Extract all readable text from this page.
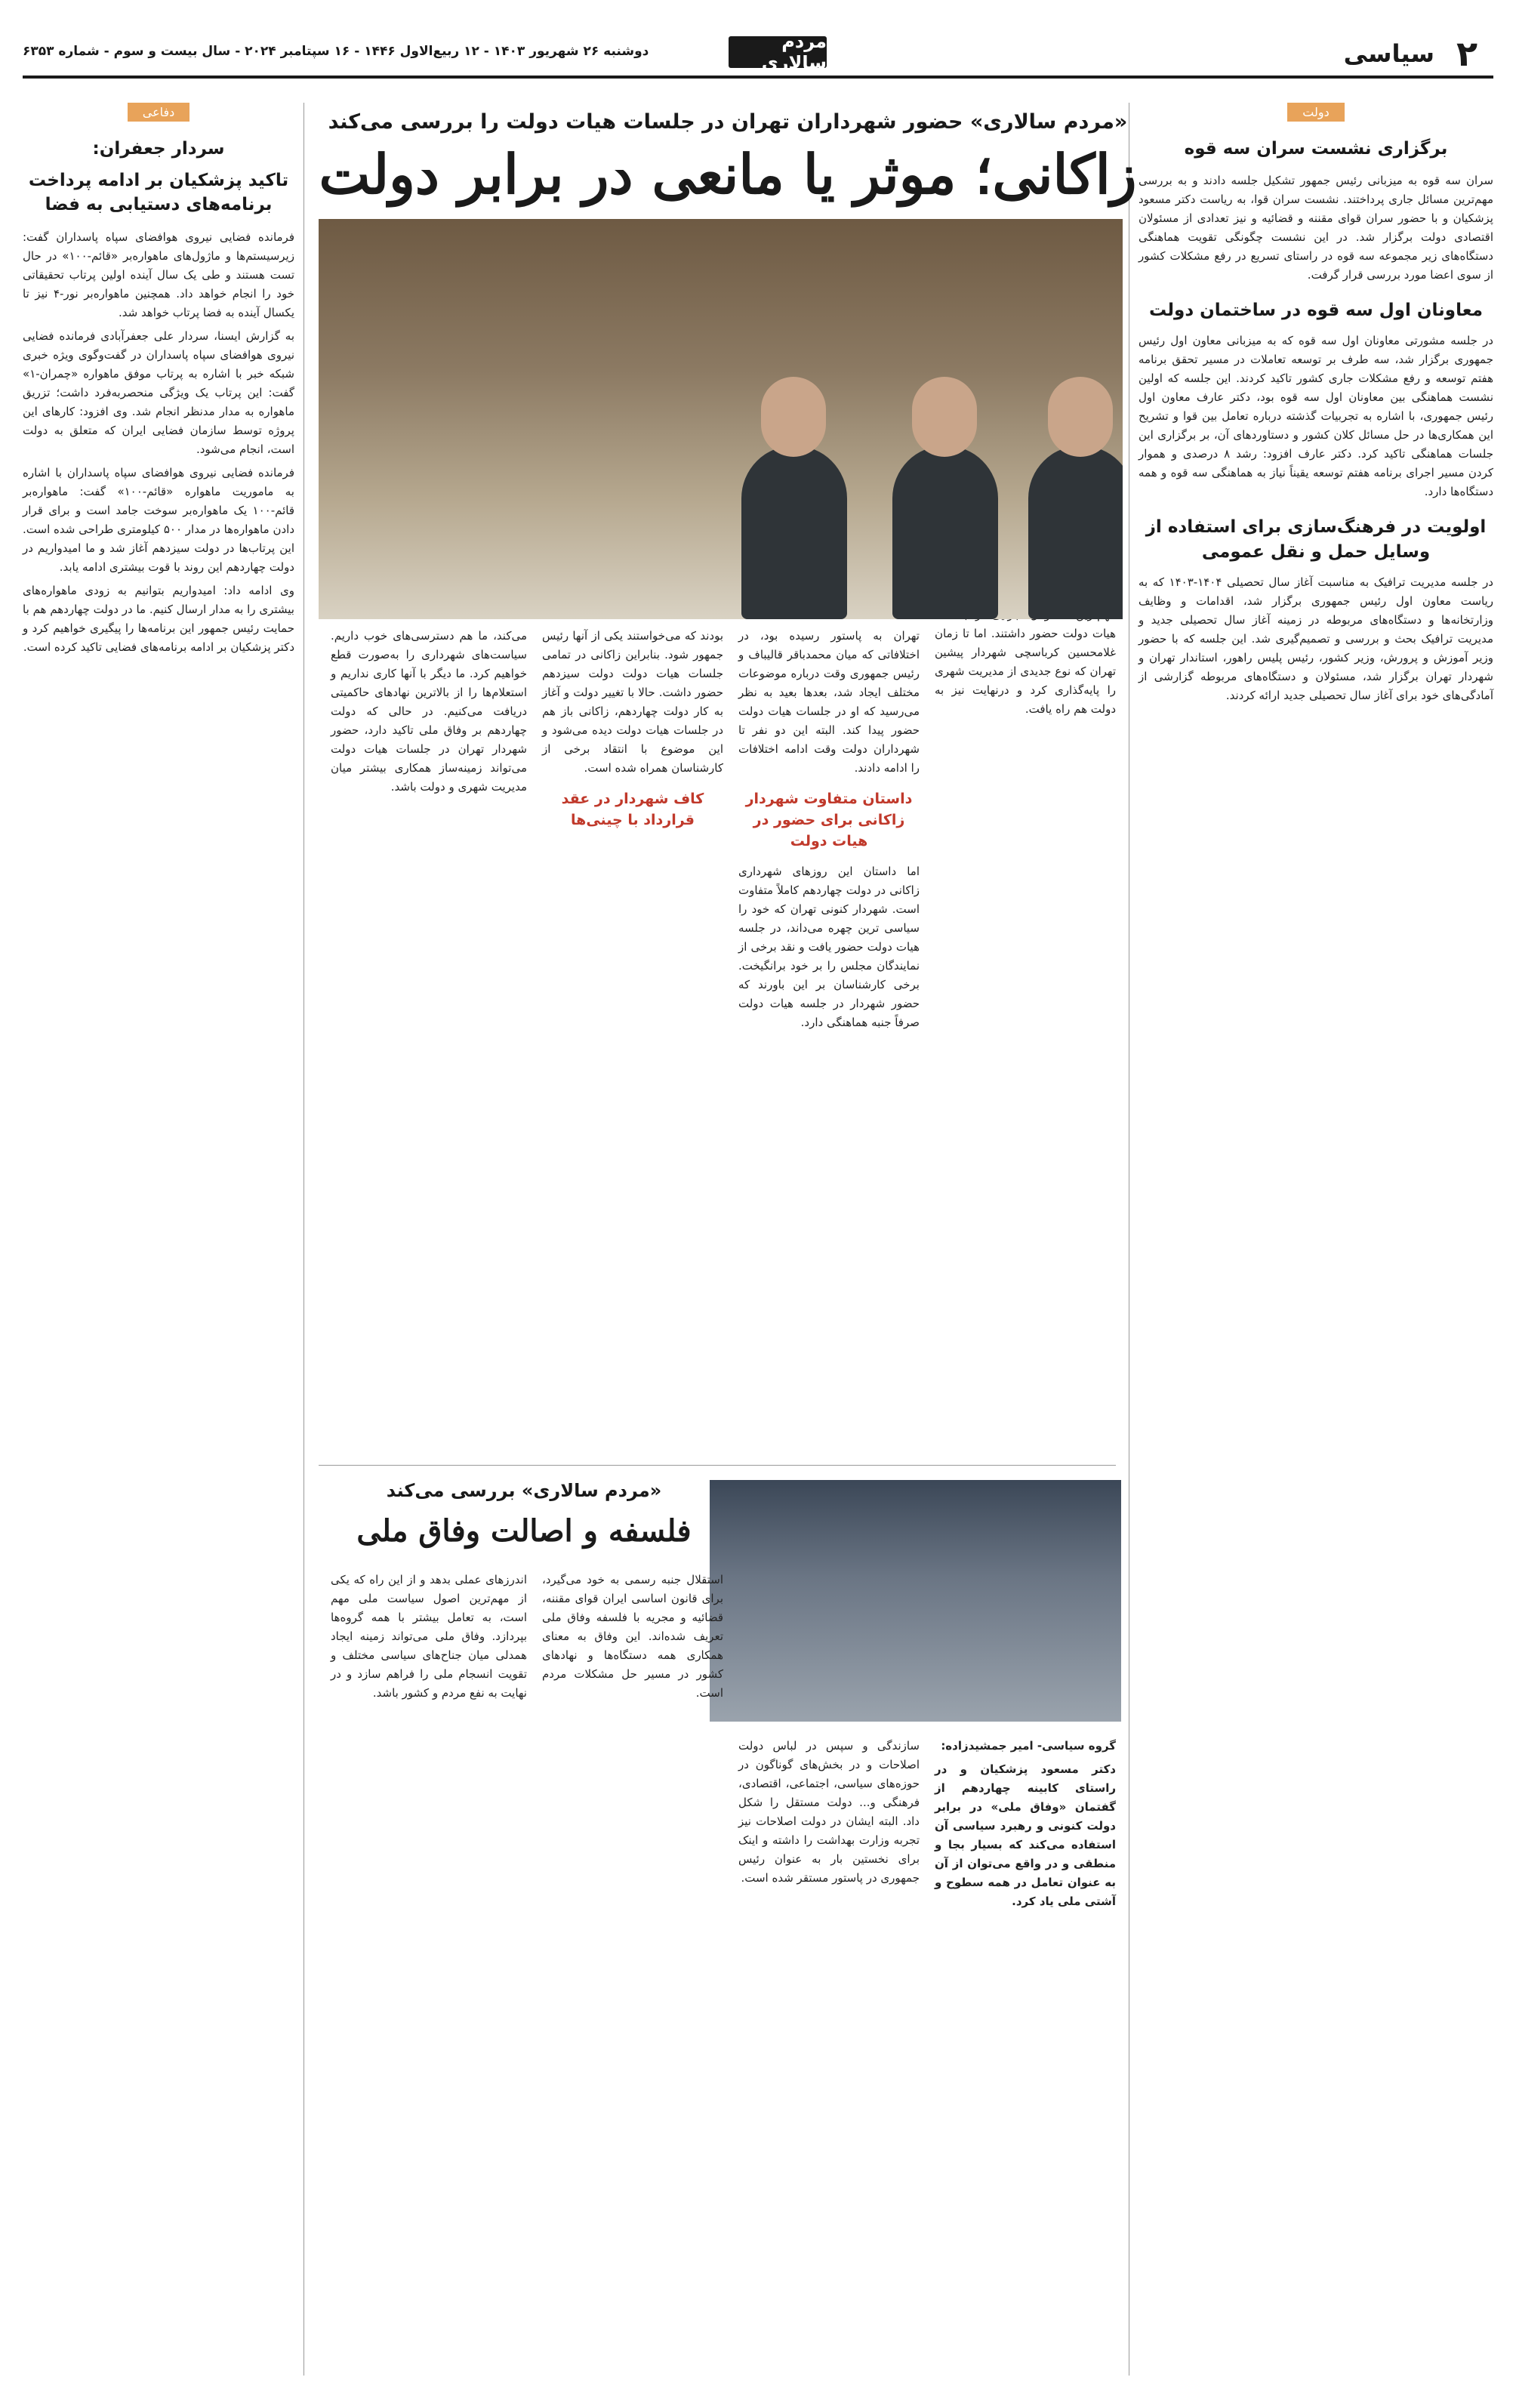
۲
سیاسی
مردم سالاری
دوشنبه ۲۶ شهریور ۱۴۰۳ - ۱۲ ربیع‌الاول ۱۴۴۶ - ۱۶ سپتامبر ۲۰۲۴ - سال بیست و سوم - شماره ۶۳۵۳
دولت
برگزاری نشست سران سه قوه

سران سه قوه به میزبانی رئیس جمهور تشکیل جلسه دادند و به بررسی مهم‌ترین مسائل جاری پرداختند. نشست سران قوا، به ریاست دکتر مسعود پزشکیان و با حضور سران قوای مقننه و قضائیه و نیز تعدادی از مسئولان اقتصادی دولت برگزار شد. در این نشست چگونگی تقویت هماهنگی دستگاه‌های زیر مجموعه سه قوه در راستای تسریع در رفع مشکلات کشور از سوی اعضا مورد بررسی قرار گرفت.

معاونان اول سه قوه در ساختمان دولت

در جلسه مشورتی معاونان اول سه قوه که به میزبانی معاون اول رئیس جمهوری برگزار شد، سه طرف بر توسعه تعاملات در مسیر تحقق برنامه هفتم توسعه و رفع مشکلات جاری کشور تاکید کردند. این جلسه که اولین نشست هماهنگی بین معاونان اول سه قوه بود، دکتر عارف معاون اول رئیس جمهوری، با اشاره به تجربیات گذشته درباره تعامل بین قوا و تشریح این همکاری‌ها در حل مسائل کلان کشور و دستاوردهای آن، بر برگزاری این جلسات هماهنگی تاکید کرد. دکتر عارف افزود: رشد ۸ درصدی و هموار کردن مسیر اجرای برنامه هفتم توسعه یقیناً نیاز به هماهنگی سه قوه و همه دستگاه‌ها دارد.

اولویت در فرهنگ‌سازی برای استفاده از وسایل حمل و نقل عمومی

در جلسه مدیریت ترافیک به مناسبت آغاز سال تحصیلی ۱۴۰۴-۱۴۰۳ که به ریاست معاون اول رئیس جمهوری برگزار شد، اقدامات و وظایف وزارتخانه‌ها و دستگاه‌های مربوطه در زمینه آغاز سال تحصیلی جدید و مدیریت ترافیک بحث و بررسی و تصمیم‌گیری شد. این جلسه که با حضور وزیر آموزش و پرورش، وزیر کشور، رئیس پلیس راهور، استاندار تهران و شهردار تهران برگزار شد، مسئولان و دستگاه‌های مربوطه گزارشی از آمادگی‌های خود برای آغاز سال تحصیلی جدید ارائه کردند.

«مردم سالاری» حضور شهرداران تهران در جلسات هیات دولت را بررسی می‌کند
زاکانی؛ موثر یا مانعی در برابر دولت

هیات دولت حضور داشتند. اما تا زمان غلامحسین کرباسچی شهردار پیشین تهران که نوع جدیدی از مدیریت شهری را پایه‌گذاری کرد و درنهایت نیز به دولت هم راه یافت.

تهران به پاستور رسیده بود، در اختلافاتی که میان محمدباقر قالیباف و رئیس جمهوری وقت درباره موضوعات مختلف ایجاد شد، بعدها بعید به نظر می‌رسید که او در جلسات هیات دولت حضور پیدا کند. البته این دو نفر تا شهرداران دولت وقت ادامه اختلافات را ادامه دادند.

داستان متفاوت شهردار زاکانی برای حضور در هیات دولت

اما داستان این روزهای شهرداری زاکانی در دولت چهاردهم کاملاً متفاوت است. شهردار کنونی تهران که خود را سیاسی ترین چهره می‌داند، در جلسه هیات دولت حضور یافت و نقد برخی از نمایندگان مجلس را بر خود برانگیخت. برخی کارشناسان بر این باورند که حضور شهردار در جلسه هیات دولت صرفاً جنبه هماهنگی دارد.

بودند که می‌خواستند یکی از آنها رئیس جمهور شود. بنابراین زاکانی در تمامی جلسات هیات دولت دولت سیزدهم حضور داشت. حالا با تغییر دولت و آغاز به کار دولت چهاردهم، زاکانی باز هم در جلسات هیات دولت دیده می‌شود و این موضوع با انتقاد برخی از کارشناسان همراه شده است.

کاف شهردار در عقد قرارداد با چینی‌ها

می‌کند، ما هم دسترسی‌های خوب داریم. سیاست‌های شهرداری را به‌صورت قطع خواهیم کرد. ما دیگر با آنها کاری نداریم و استعلام‌ها را از بالاترین نهادهای حاکمیتی دریافت می‌کنیم. در حالی که دولت چهاردهم بر وفاق ملی تاکید دارد، حضور شهردار تهران در جلسات هیات دولت می‌تواند زمینه‌ساز همکاری بیشتر میان مدیریت شهری و دولت باشد.

«مردم سالاری» بررسی می‌کند
فلسفه و اصالت وفاق ملی

گروه سیاسی- امیر جمشیدزاده:

دکتر مسعود پزشکیان و در راستای کابینه چهاردهم از گفتمان «وفاق ملی» در برابر دولت کنونی و رهبرد سیاسی آن استفاده می‌کند که بسیار بجا و منطقی و در واقع می‌توان از آن به عنوان تعامل در همه سطوح و آشتی ملی یاد کرد.

سازندگی و سپس در لباس دولت اصلاحات و در بخش‌های گوناگون در حوزه‌های سیاسی، اجتماعی، اقتصادی، فرهنگی و... دولت مستقل را شکل داد. البته ایشان در دولت اصلاحات نیز تجربه وزارت بهداشت را داشته و اینک برای نخستین بار به عنوان رئیس جمهوری در پاستور مستقر شده است.

استقلال جنبه رسمی به خود می‌گیرد، برای قانون اساسی ایران قوای مقننه، قضائیه و مجریه با فلسفه وفاق ملی تعریف شده‌اند. این وفاق به معنای همکاری همه دستگاه‌ها و نهادهای کشور در مسیر حل مشکلات مردم است.

اندرزهای عملی بدهد و از این راه که یکی از مهم‌ترین اصول سیاست ملی مهم است، به تعامل بیشتر با همه گروه‌ها بپردازد. وفاق ملی می‌تواند زمینه ایجاد همدلی میان جناح‌های سیاسی مختلف و تقویت انسجام ملی را فراهم سازد و در نهایت به نفع مردم و کشور باشد.

دفاعی
سردار جعفران:
تاکید پزشکیان بر ادامه پرداخت برنامه‌های دستیابی به فضا

فرمانده فضایی نیروی هوافضای سپاه پاسداران گفت: زیرسیستم‌ها و ماژول‌های ماهواره‌بر «قائم-۱۰۰» در حال تست هستند و طی یک سال آینده اولین پرتاب تحقیقاتی خود را انجام خواهد داد. همچنین ماهواره‌بر نور-۴ نیز تا یکسال آینده به فضا پرتاب خواهد شد.

به گزارش ایسنا، سردار علی جعفرآبادی فرمانده فضایی نیروی هوافضای سپاه پاسداران در گفت‌وگوی ویژه خبری شبکه خبر با اشاره به پرتاب موفق ماهواره «چمران-۱» گفت: این پرتاب یک ویژگی منحصربه‌فرد داشت؛ تزریق ماهواره به مدار مدنظر انجام شد. وی افزود: کارهای این پروژه توسط سازمان فضایی ایران که متعلق به دولت است، انجام می‌شود.

فرمانده فضایی نیروی هوافضای سپاه پاسداران با اشاره به ماموریت ماهواره «قائم-۱۰۰» گفت: ماهواره‌بر قائم-۱۰۰ یک ماهواره‌بر سوخت جامد است و برای قرار دادن ماهواره‌ها در مدار ۵۰۰ کیلومتری طراحی شده است. این پرتاب‌ها در دولت سیزدهم آغاز شد و ما امیدواریم در دولت چهاردهم این روند با قوت بیشتری ادامه یابد.

وی ادامه داد: امیدواریم بتوانیم به زودی ماهواره‌های بیشتری را به مدار ارسال کنیم. ما در دولت چهاردهم هم با حمایت رئیس جمهور این برنامه‌ها را پیگیری خواهیم کرد و دکتر پزشکیان بر ادامه برنامه‌های فضایی تاکید کرده است.
